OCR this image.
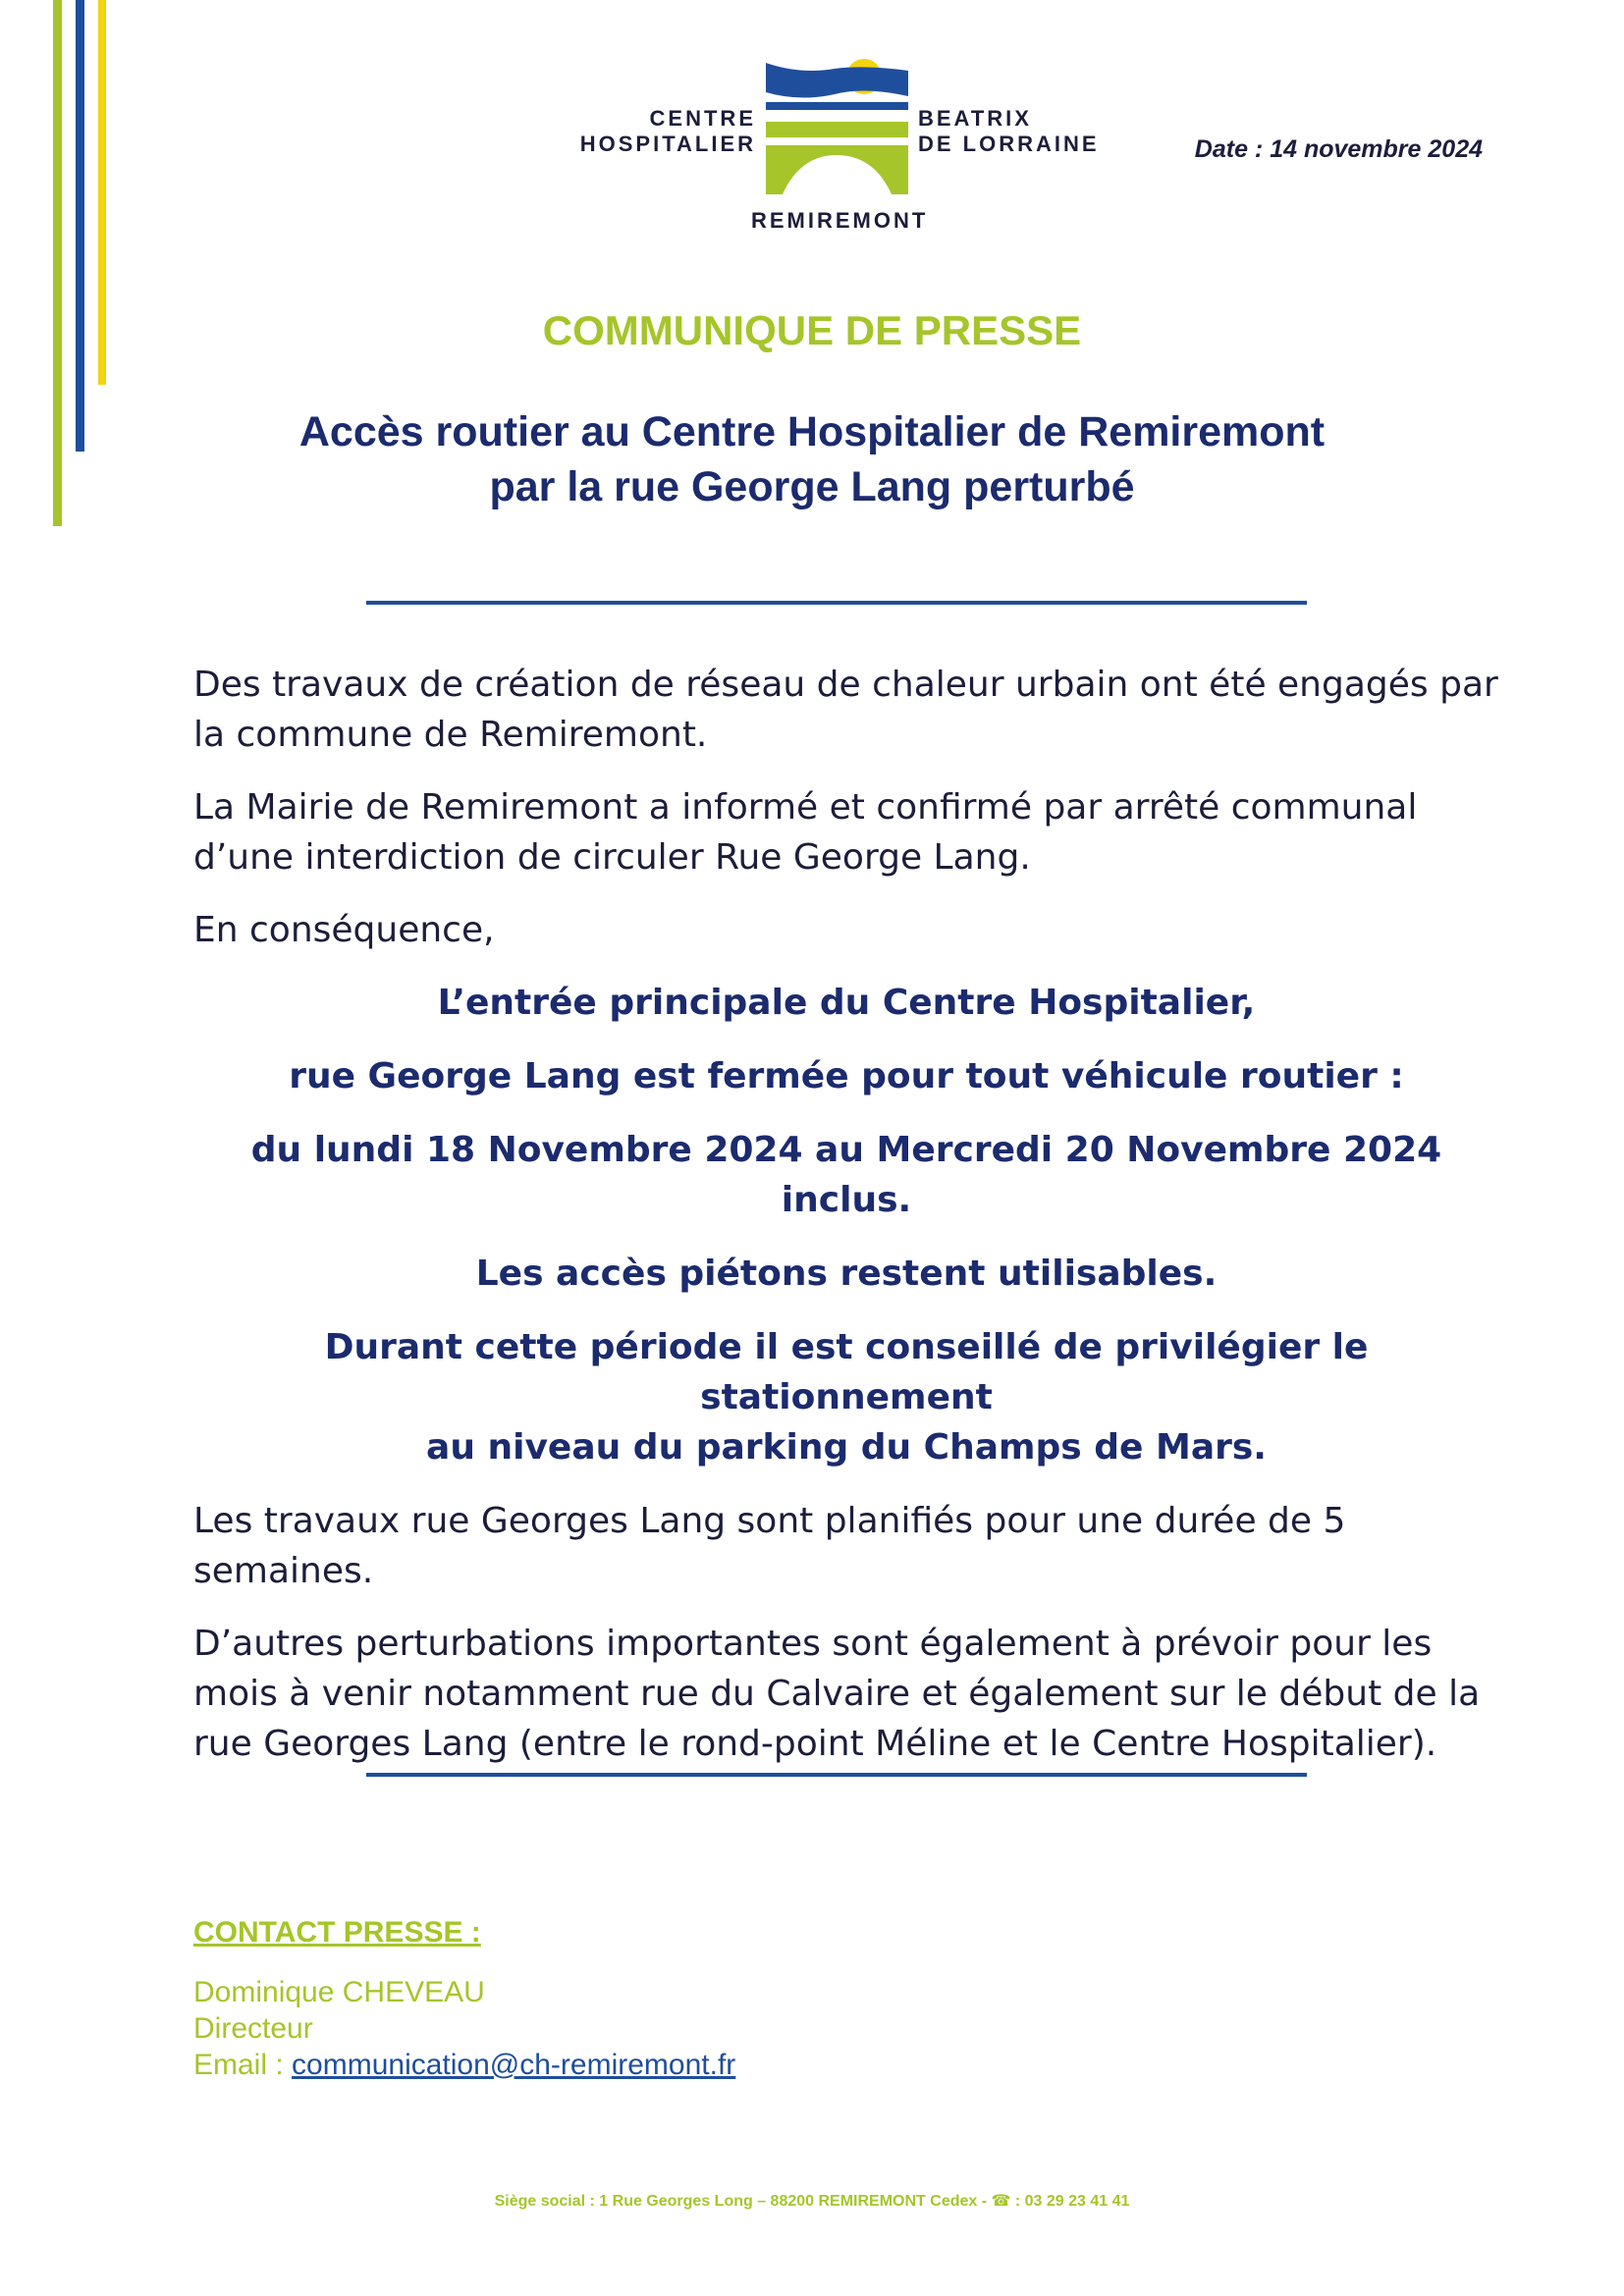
CENTRE
HOSPITALIER
BEATRIX
DE LORRAINE
REMIREMONT
Date : 14 novembre 2024
COMMUNIQUE DE PRESSE
Accès routier au Centre Hospitalier de Remiremont
par la rue George Lang perturbé

Des travaux de création de réseau de chaleur urbain ont été engagés par la commune de Remiremont.

La Mairie de Remiremont a informé et confirmé par arrêté communal d’une interdiction de circuler Rue George Lang.

En conséquence,

L’entrée principale du Centre Hospitalier,

rue George Lang est fermée pour tout véhicule routier :

du lundi 18 Novembre 2024 au Mercredi 20 Novembre 2024 inclus.

Les accès piétons restent utilisables.

Durant cette période il est conseillé de privilégier le stationnement
au niveau du parking du Champs de Mars.

Les travaux rue Georges Lang sont planifiés pour une durée de 5 semaines.

D’autres perturbations importantes sont également à prévoir pour les mois à venir notamment rue du Calvaire et également sur le début de la rue Georges Lang (entre le rond-point Méline et le Centre Hospitalier).

CONTACT PRESSE :
Dominique CHEVEAU
Directeur
Email : communication@ch-remiremont.fr
Siège social : 1 Rue Georges Long – 88200 REMIREMONT Cedex - ☎ : 03 29 23 41 41
